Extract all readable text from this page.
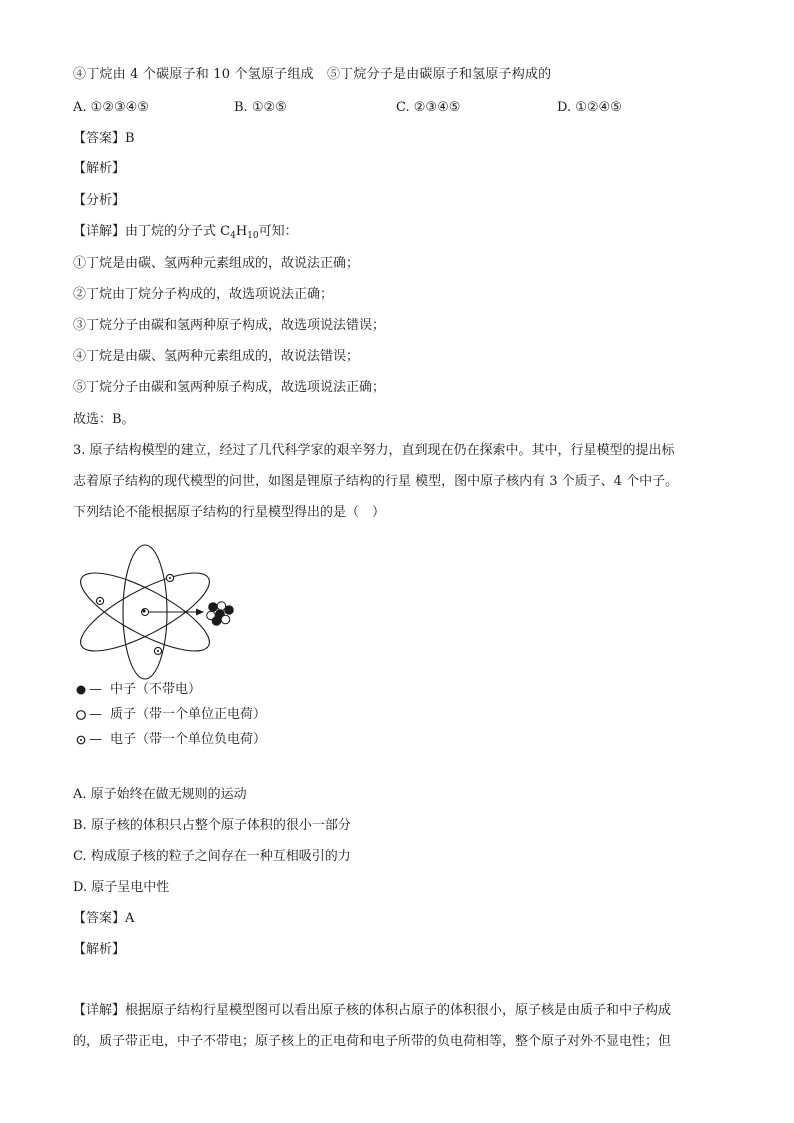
④丁烷由 4 个碳原子和 10 个氢原子组成　⑤丁烷分子是由碳原子和氢原子构成的
A. ①②③④⑤	B. ①②⑤	C. ②③④⑤	D. ①②④⑤
【答案】B
【解析】
【分析】
【详解】由丁烷的分子式 $C_4H_{10}$可知：
①丁烷是由碳、氢两种元素组成的，故说法正确；
②丁烷由丁烷分子构成的，故选项说法正确；
③丁烷分子由碳和氢两种原子构成，故选项说法错误；
④丁烷是由碳、氢两种元素组成的，故说法错误；
⑤丁烷分子由碳和氢两种原子构成，故选项说法正确；
故选：B。
3. 原子结构模型的建立，经过了几代科学家的艰辛努力，直到现在仍在探索中。其中，行星模型的提出标
志着原子结构的现代模型的问世，如图是锂原子结构的行星 模型，图中原子核内有 3 个质子、4 个中子。
下列结论不能根据原子结构的行星模型得出的是（　）
— 中子（不带电）
— 质子（带一个单位正电荷）
— 电子（带一个单位负电荷）
A. 原子始终在做无规则的运动
B. 原子核的体积只占整个原子体积的很小一部分
C. 构成原子核的粒子之间存在一种互相吸引的力
D. 原子呈电中性
【答案】A
【解析】
【详解】根据原子结构行星模型图可以看出原子核的体积占原子的体积很小，原子核是由质子和中子构成
的，质子带正电，中子不带电；原子核上的正电荷和电子所带的负电荷相等，整个原子对外不显电性；但
